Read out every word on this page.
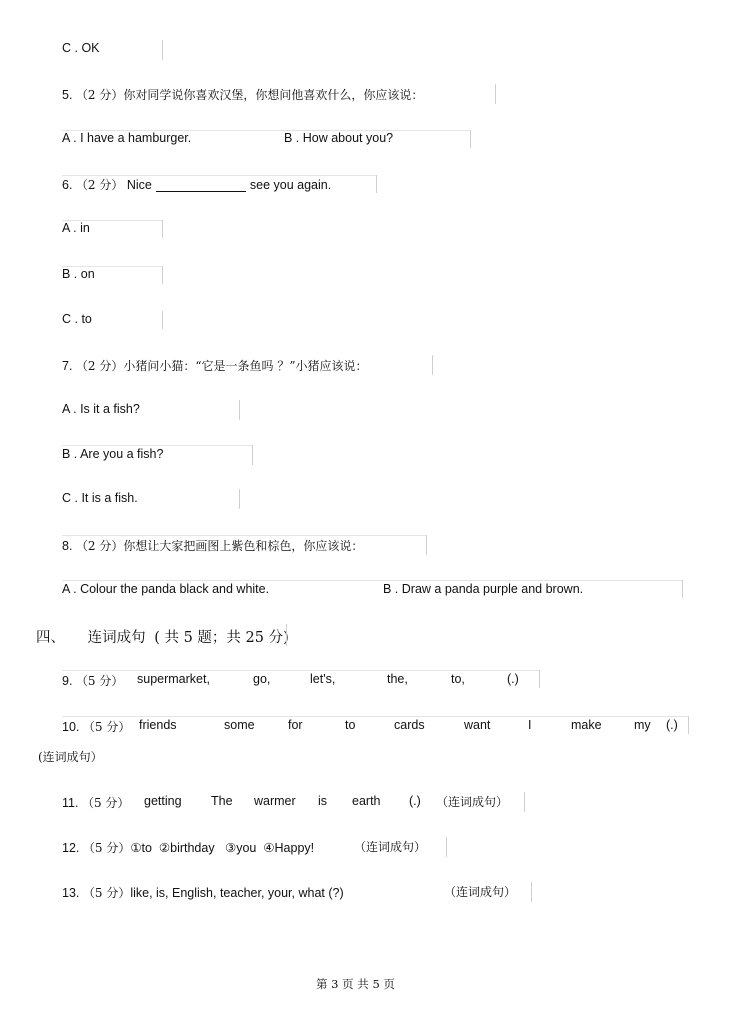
C . OK
5. （2 分）你对同学说你喜欢汉堡，你想问他喜欢什么，你应该说：
A . I have a hamburger.	B . How about you?
6. （2 分） Nice	see you again.
A . in
B . on
C . to
7. （2 分）小猪问小猫：“它是一条鱼吗 ？”小猪应该说：
A . Is it a fish?
B . Are you a fish?
C . It is a fish.
8. （2 分）你想让大家把画图上紫色和棕色，你应该说：
A . Colour the panda black and white.	B . Draw a panda purple and brown.
四、 连词成句 ( 共 5 题；共 25 分)
9. （5 分） supermarket,	go,	let's,	the,	to,	(.)
10. （5 分） friends	some	for	to	cards	want	I	make	my (.)
(连词成句）
11. （5 分） getting The warmer is earth (.) （连词成句）
12. （5 分）①to  ②birthday   ③you  ④Happy!	（连词成句）
13. （5 分）like, is, English, teacher, your, what (?)	（连词成句）
第 3 页 共 5 页
